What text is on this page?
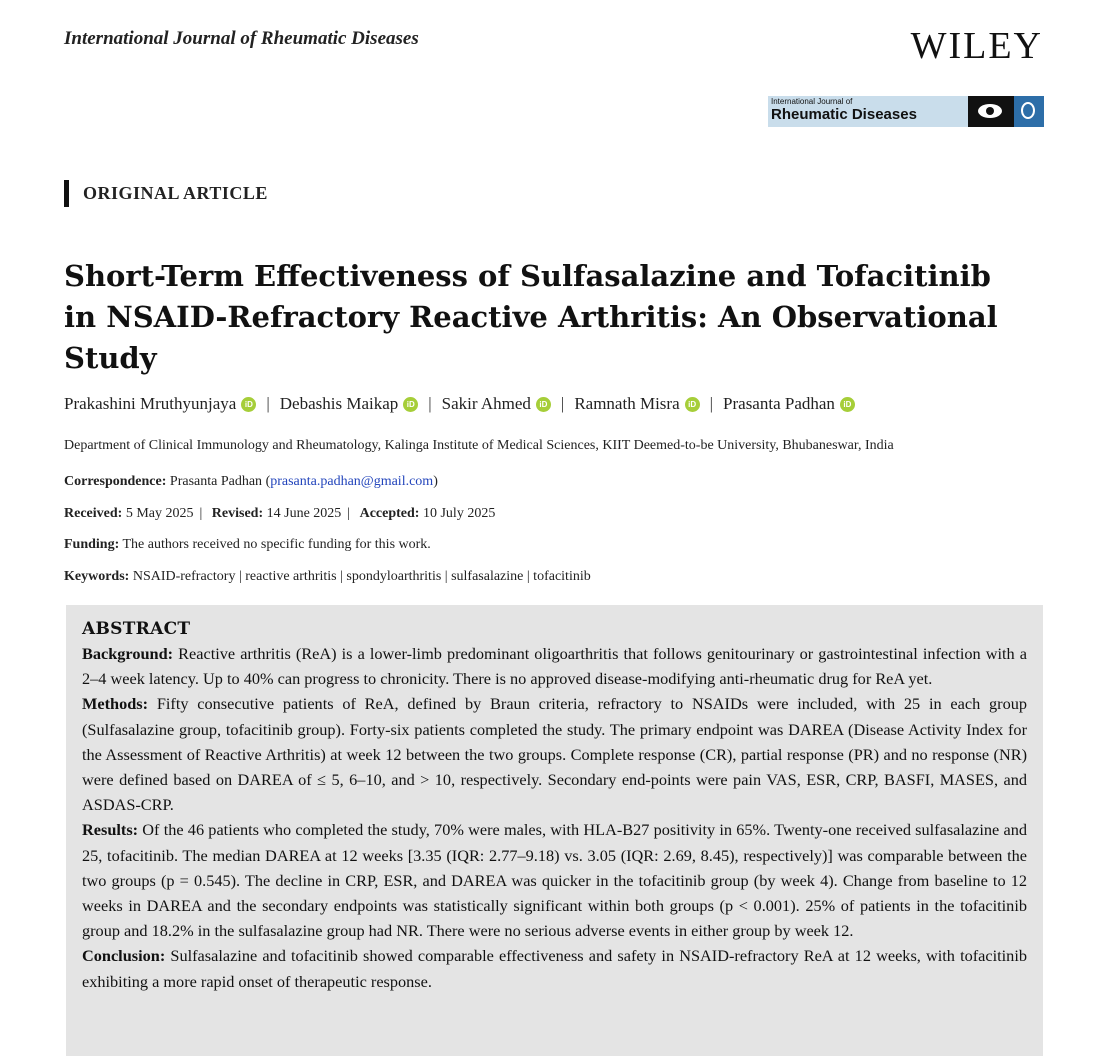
International Journal of Rheumatic Diseases	WILEY
International Journal of
Rheumatic Diseases
ORIGINAL ARTICLE
Short-Term Effectiveness of Sulfasalazine and Tofacitinib in NSAID-Refractory Reactive Arthritis: An Observational Study
Prakashini Mruthyunjaya iD | Debashis Maikap iD | Sakir Ahmed iD | Ramnath Misra iD | Prasanta Padhan iD
Department of Clinical Immunology and Rheumatology, Kalinga Institute of Medical Sciences, KIIT Deemed-to-be University, Bhubaneswar, India
Correspondence: Prasanta Padhan (prasanta.padhan@gmail.com)
Received: 5 May 2025 | Revised: 14 June 2025 | Accepted: 10 July 2025
Funding: The authors received no specific funding for this work.
Keywords: NSAID-refractory | reactive arthritis | spondyloarthritis | sulfasalazine | tofacitinib
ABSTRACT

Background: Reactive arthritis (ReA) is a lower-limb predominant oligoarthritis that follows genitourinary or gastrointestinal infection with a 2–4 week latency. Up to 40% can progress to chronicity. There is no approved disease-modifying anti-rheumatic drug for ReA yet.

Methods: Fifty consecutive patients of ReA, defined by Braun criteria, refractory to NSAIDs were included, with 25 in each group (Sulfasalazine group, tofacitinib group). Forty-six patients completed the study. The primary endpoint was DAREA (Disease Activity Index for the Assessment of Reactive Arthritis) at week 12 between the two groups. Complete response (CR), partial response (PR) and no response (NR) were defined based on DAREA of ≤ 5, 6–10, and > 10, respectively. Secondary end-points were pain VAS, ESR, CRP, BASFI, MASES, and ASDAS-CRP.

Results: Of the 46 patients who completed the study, 70% were males, with HLA-B27 positivity in 65%. Twenty-one received sulfasalazine and 25, tofacitinib. The median DAREA at 12 weeks [3.35 (IQR: 2.77–9.18) vs. 3.05 (IQR: 2.69, 8.45), respectively)] was comparable between the two groups (p = 0.545). The decline in CRP, ESR, and DAREA was quicker in the tofacitinib group (by week 4). Change from baseline to 12 weeks in DAREA and the secondary endpoints was statistically significant within both groups (p < 0.001). 25% of patients in the tofacitinib group and 18.2% in the sulfasalazine group had NR. There were no serious adverse events in either group by week 12.

Conclusion: Sulfasalazine and tofacitinib showed comparable effectiveness and safety in NSAID-refractory ReA at 12 weeks, with tofacitinib exhibiting a more rapid onset of therapeutic response.
